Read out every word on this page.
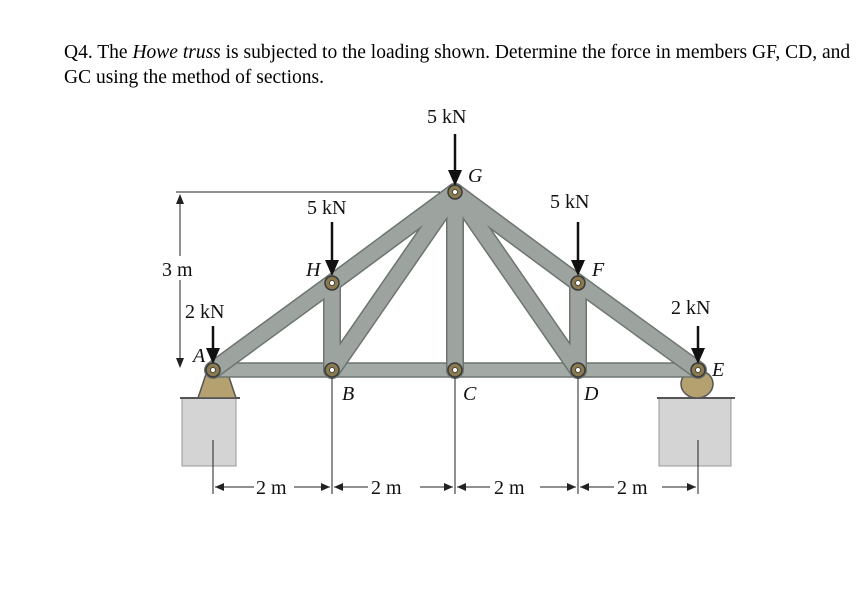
Q4. The Howe truss is subjected to the loading shown. Determine the force in members GF, CD, and GC using the method of sections.

5 kN
5 kN	5 kN
2 kN	2 kN
G
H	F
A
E
B	C	D
3 m
2 m	2 m	2 m	2 m
